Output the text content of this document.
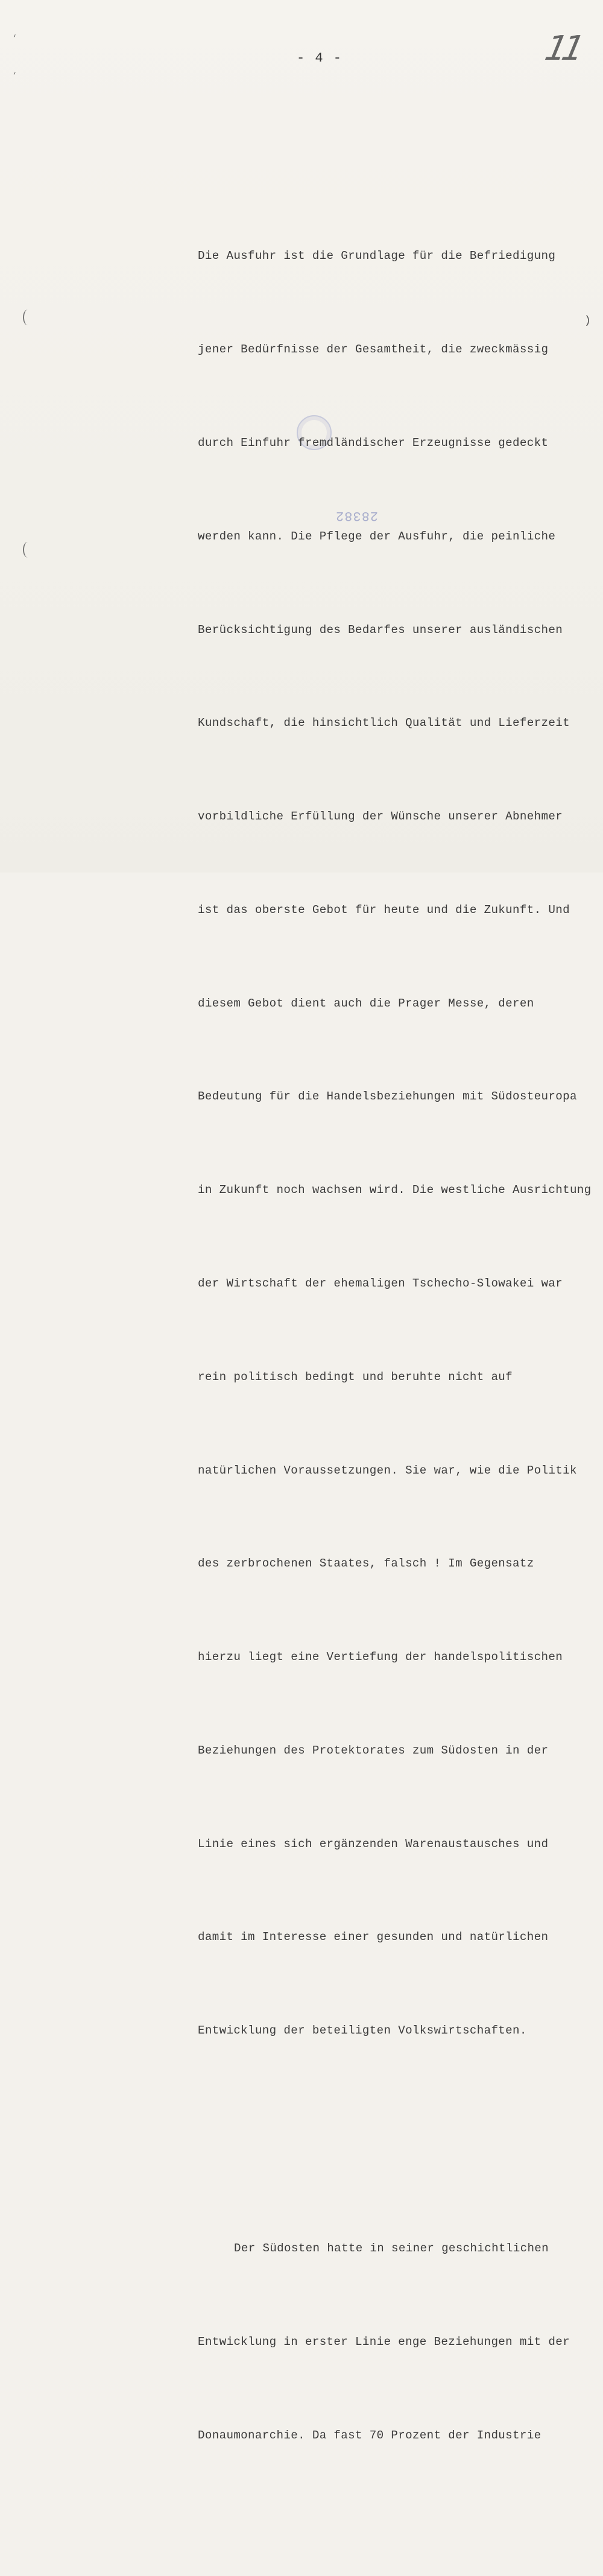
- 4 -	11
‘
‘
)
28382

Die Ausfuhr ist die Grundlage für die Befriedigung

jener Bedürfnisse der Gesamtheit, die zweckmässig

durch Einfuhr fremdländischer Erzeugnisse gedeckt

werden kann. Die Pflege der Ausfuhr, die peinliche

Berücksichtigung des Bedarfes unserer ausländischen

Kundschaft, die hinsichtlich Qualität und Lieferzeit

vorbildliche Erfüllung der Wünsche unserer Abnehmer

ist das oberste Gebot für heute und die Zukunft. Und

diesem Gebot dient auch die Prager Messe, deren

Bedeutung für die Handelsbeziehungen mit Südosteuropa

in Zukunft noch wachsen wird. Die westliche Ausrichtung

der Wirtschaft der ehemaligen Tschecho-Slowakei war

rein politisch bedingt und beruhte nicht auf

natürlichen Voraussetzungen. Sie war, wie die Politik

des zerbrochenen Staates, falsch ! Im Gegensatz

hierzu liegt eine Vertiefung der handelspolitischen

Beziehungen des Protektorates zum Südosten in der

Linie eines sich ergänzenden Warenaustausches und

damit im Interesse einer gesunden und natürlichen

Entwicklung der beteiligten Volkswirtschaften.

Der Südosten hatte in seiner geschichtlichen

Entwicklung in erster Linie enge Beziehungen mit der

Donaumonarchie. Da fast 70 Prozent der Industrie
